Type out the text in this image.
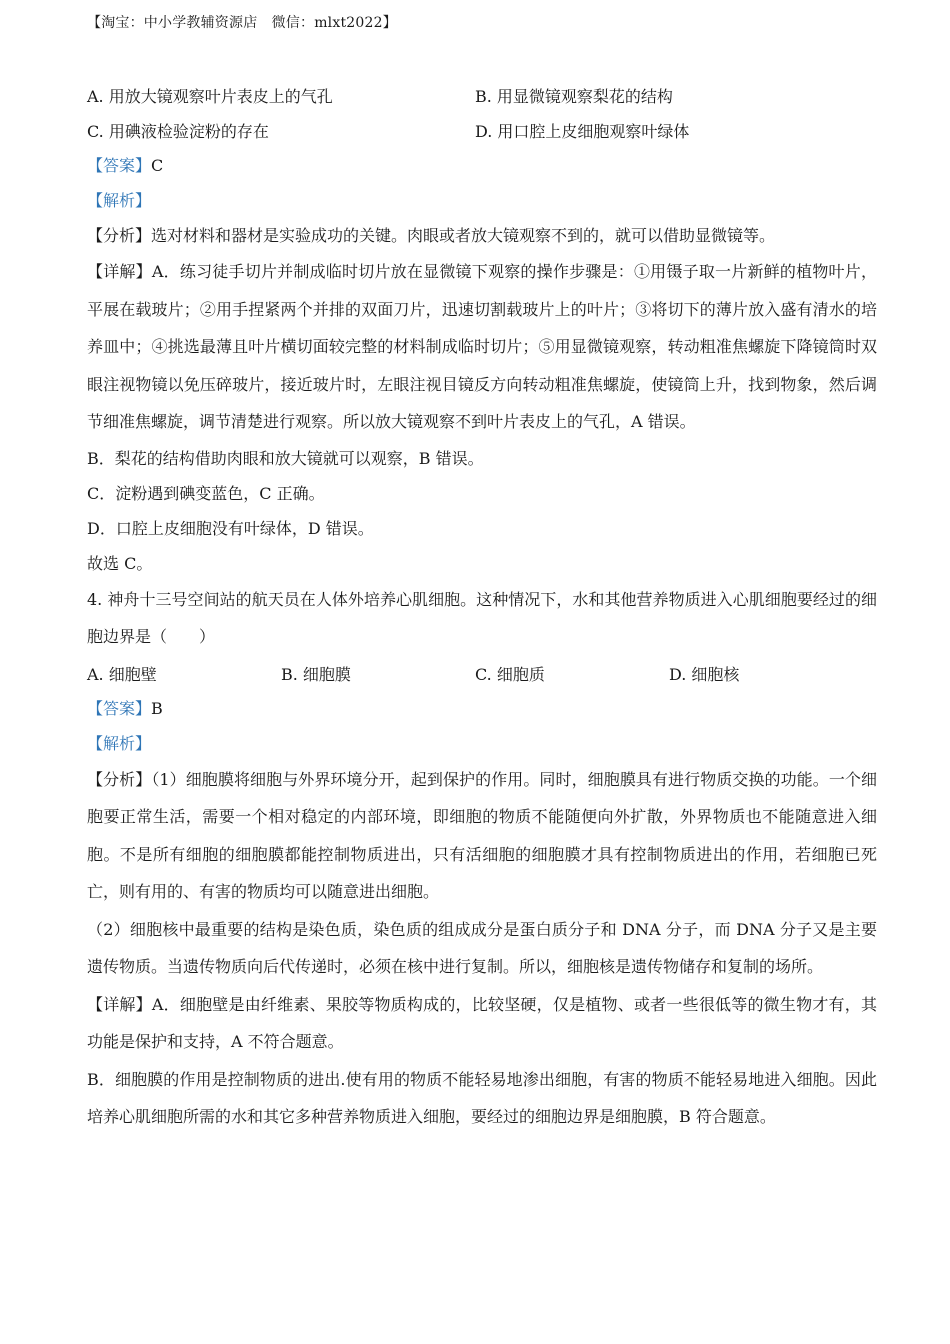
【淘宝：中小学教辅资源店　微信：mlxt2022】
A. 用放大镜观察叶片表皮上的气孔	B. 用显微镜观察梨花的结构
C. 用碘液检验淀粉的存在	D. 用口腔上皮细胞观察叶绿体
【答案】C
【解析】
【分析】选对材料和器材是实验成功的关键。肉眼或者放大镜观察不到的，就可以借助显微镜等。
【详解】A．练习徒手切片并制成临时切片放在显微镜下观察的操作步骤是：①用镊子取一片新鲜的植物叶片，平展在载玻片；②用手捏紧两个并排的双面刀片，迅速切割载玻片上的叶片；③将切下的薄片放入盛有清水的培养皿中；④挑选最薄且叶片横切面较完整的材料制成临时切片；⑤用显微镜观察，转动粗准焦螺旋下降镜筒时双眼注视物镜以免压碎玻片，接近玻片时，左眼注视目镜反方向转动粗准焦螺旋，使镜筒上升，找到物象，然后调节细准焦螺旋，调节清楚进行观察。所以放大镜观察不到叶片表皮上的气孔，A 错误。
B．梨花的结构借助肉眼和放大镜就可以观察，B 错误。
C．淀粉遇到碘变蓝色，C 正确。
D．口腔上皮细胞没有叶绿体，D 错误。
故选 C。
4. 神舟十三号空间站的航天员在人体外培养心肌细胞。这种情况下，水和其他营养物质进入心肌细胞要经过的细胞边界是（　　）
A. 细胞壁	B. 细胞膜	C. 细胞质	D. 细胞核
【答案】B
【解析】
【分析】（1）细胞膜将细胞与外界环境分开，起到保护的作用。同时，细胞膜具有进行物质交换的功能。一个细胞要正常生活，需要一个相对稳定的内部环境，即细胞的物质不能随便向外扩散，外界物质也不能随意进入细胞。不是所有细胞的细胞膜都能控制物质进出，只有活细胞的细胞膜才具有控制物质进出的作用，若细胞已死亡，则有用的、有害的物质均可以随意进出细胞。
（2）细胞核中最重要的结构是染色质，染色质的组成成分是蛋白质分子和 DNA 分子，而 DNA 分子又是主要遗传物质。当遗传物质向后代传递时，必须在核中进行复制。所以，细胞核是遗传物储存和复制的场所。
【详解】A．细胞壁是由纤维素、果胶等物质构成的，比较坚硬，仅是植物、或者一些很低等的微生物才有，其功能是保护和支持，A 不符合题意。
B．细胞膜的作用是控制物质的进出.使有用的物质不能轻易地渗出细胞，有害的物质不能轻易地进入细胞。因此培养心肌细胞所需的水和其它多种营养物质进入细胞，要经过的细胞边界是细胞膜，B 符合题意。
